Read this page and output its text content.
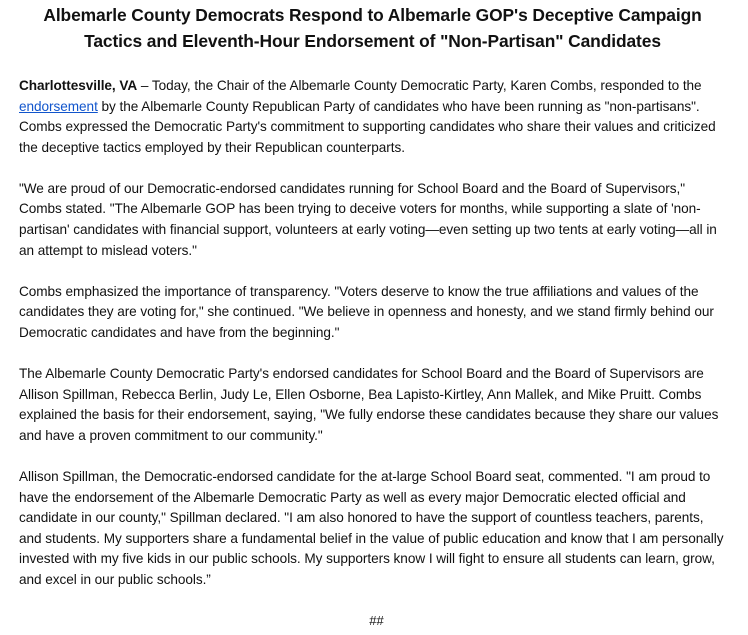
Albemarle County Democrats Respond to Albemarle GOP's Deceptive Campaign Tactics and Eleventh-Hour Endorsement of "Non-Partisan" Candidates

Charlottesville, VA – Today, the Chair of the Albemarle County Democratic Party, Karen Combs, responded to the endorsement by the Albemarle County Republican Party of candidates who have been running as "non-partisans". Combs expressed the Democratic Party's commitment to supporting candidates who share their values and criticized the deceptive tactics employed by their Republican counterparts.

"We are proud of our Democratic-endorsed candidates running for School Board and the Board of Supervisors," Combs stated. "The Albemarle GOP has been trying to deceive voters for months, while supporting a slate of 'non-partisan' candidates with financial support, volunteers at early voting—even setting up two tents at early voting—all in an attempt to mislead voters."

Combs emphasized the importance of transparency. "Voters deserve to know the true affiliations and values of the candidates they are voting for," she continued. "We believe in openness and honesty, and we stand firmly behind our Democratic candidates and have from the beginning."

The Albemarle County Democratic Party's endorsed candidates for School Board and the Board of Supervisors are Allison Spillman, Rebecca Berlin, Judy Le, Ellen Osborne, Bea Lapisto-Kirtley, Ann Mallek, and Mike Pruitt. Combs explained the basis for their endorsement, saying, "We fully endorse these candidates because they share our values and have a proven commitment to our community."

Allison Spillman, the Democratic-endorsed candidate for the at-large School Board seat, commented. "I am proud to have the endorsement of the Albemarle Democratic Party as well as every major Democratic elected official and candidate in our county," Spillman declared. "I am also honored to have the support of countless teachers, parents, and students. My supporters share a fundamental belief in the value of public education and know that I am personally invested with my five kids in our public schools. My supporters know I will fight to ensure all students can learn, grow, and excel in our public schools.”

##
